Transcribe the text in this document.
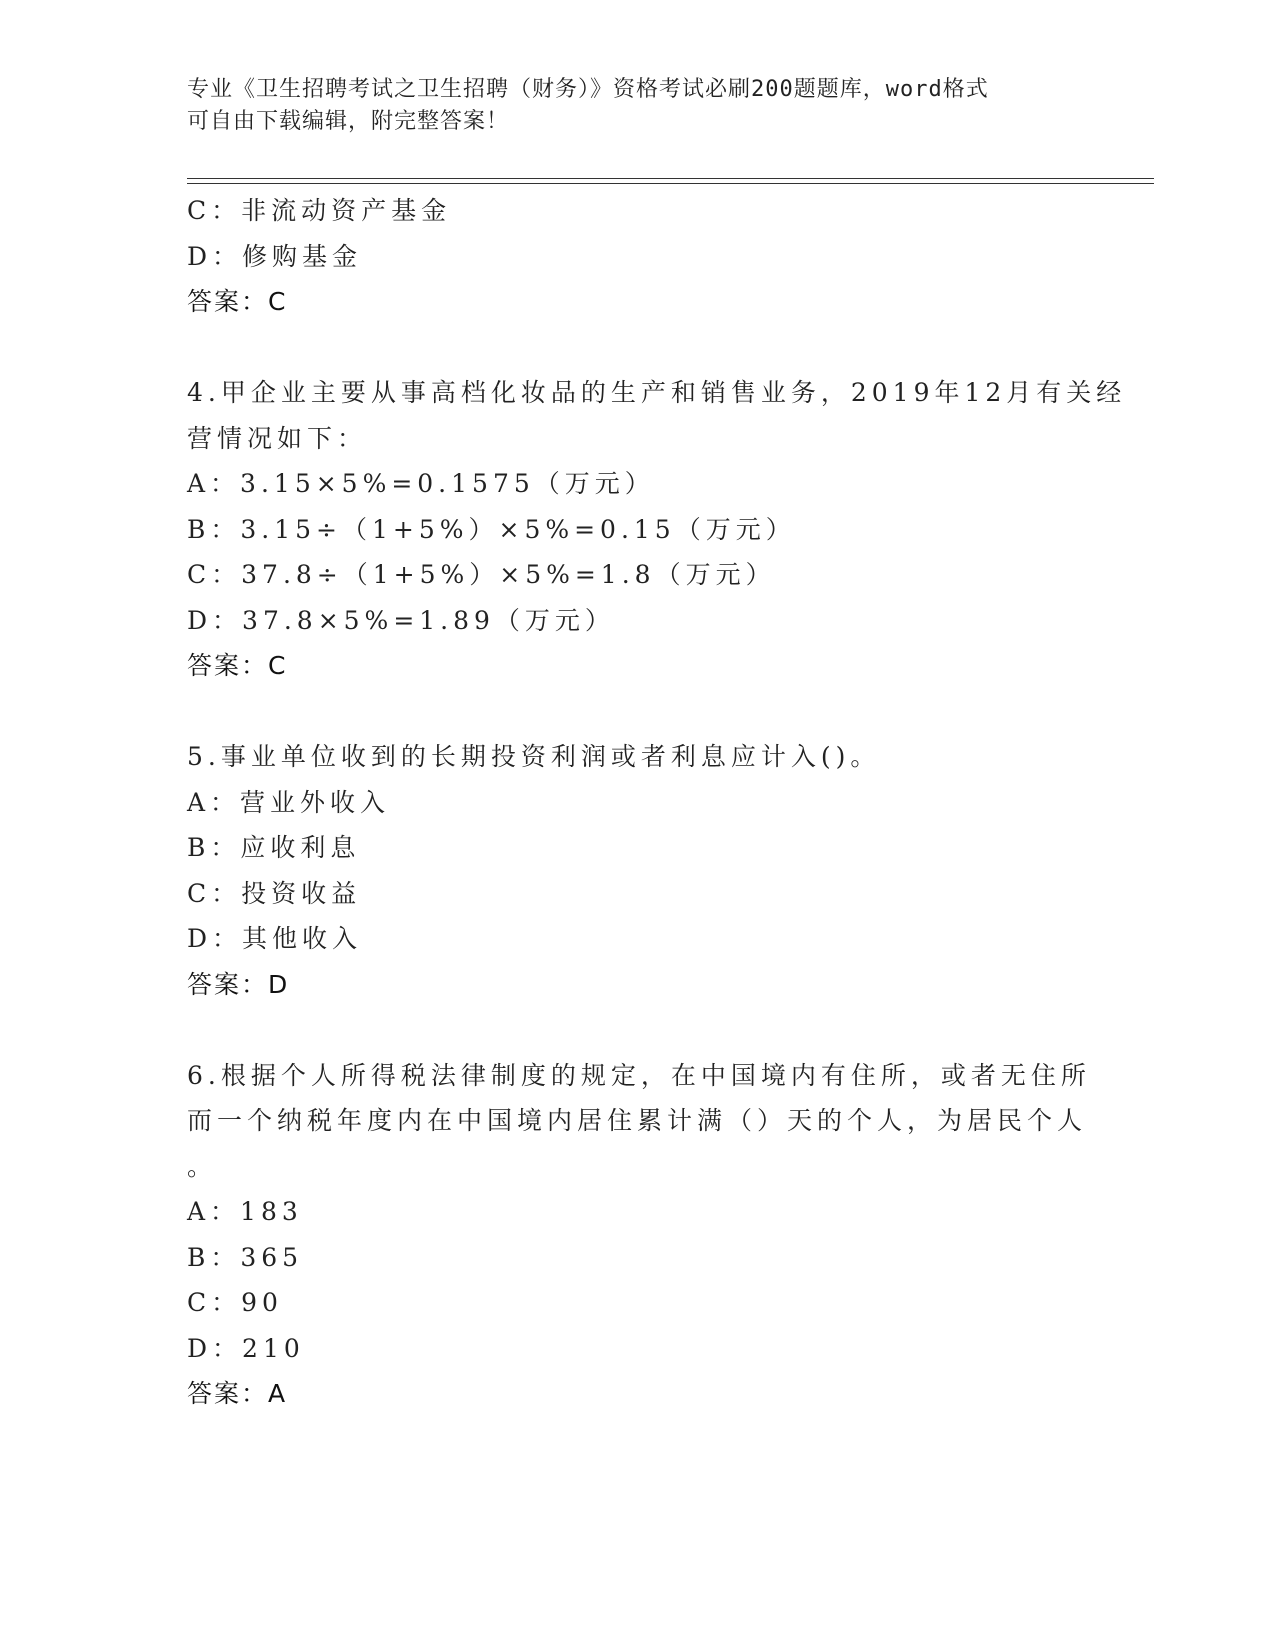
专业《卫生招聘考试之卫生招聘（财务）》资格考试必刷200题题库，word格式
可自由下载编辑，附完整答案！
C：非流动资产基金
D：修购基金
答案：C
4.甲企业主要从事高档化妆品的生产和销售业务，2019年12月有关经
营情况如下：
A：3.15×5%=0.1575（万元）
B：3.15÷（1+5%）×5%=0.15（万元）
C：37.8÷（1+5%）×5%=1.8（万元）
D：37.8×5%=1.89（万元）
答案：C
5.事业单位收到的长期投资利润或者利息应计入()。
A：营业外收入
B：应收利息
C：投资收益
D：其他收入
答案：D
6.根据个人所得税法律制度的规定，在中国境内有住所，或者无住所
而一个纳税年度内在中国境内居住累计满（）天的个人，为居民个人
。
A：183
B：365
C：90
D：210
答案：A
